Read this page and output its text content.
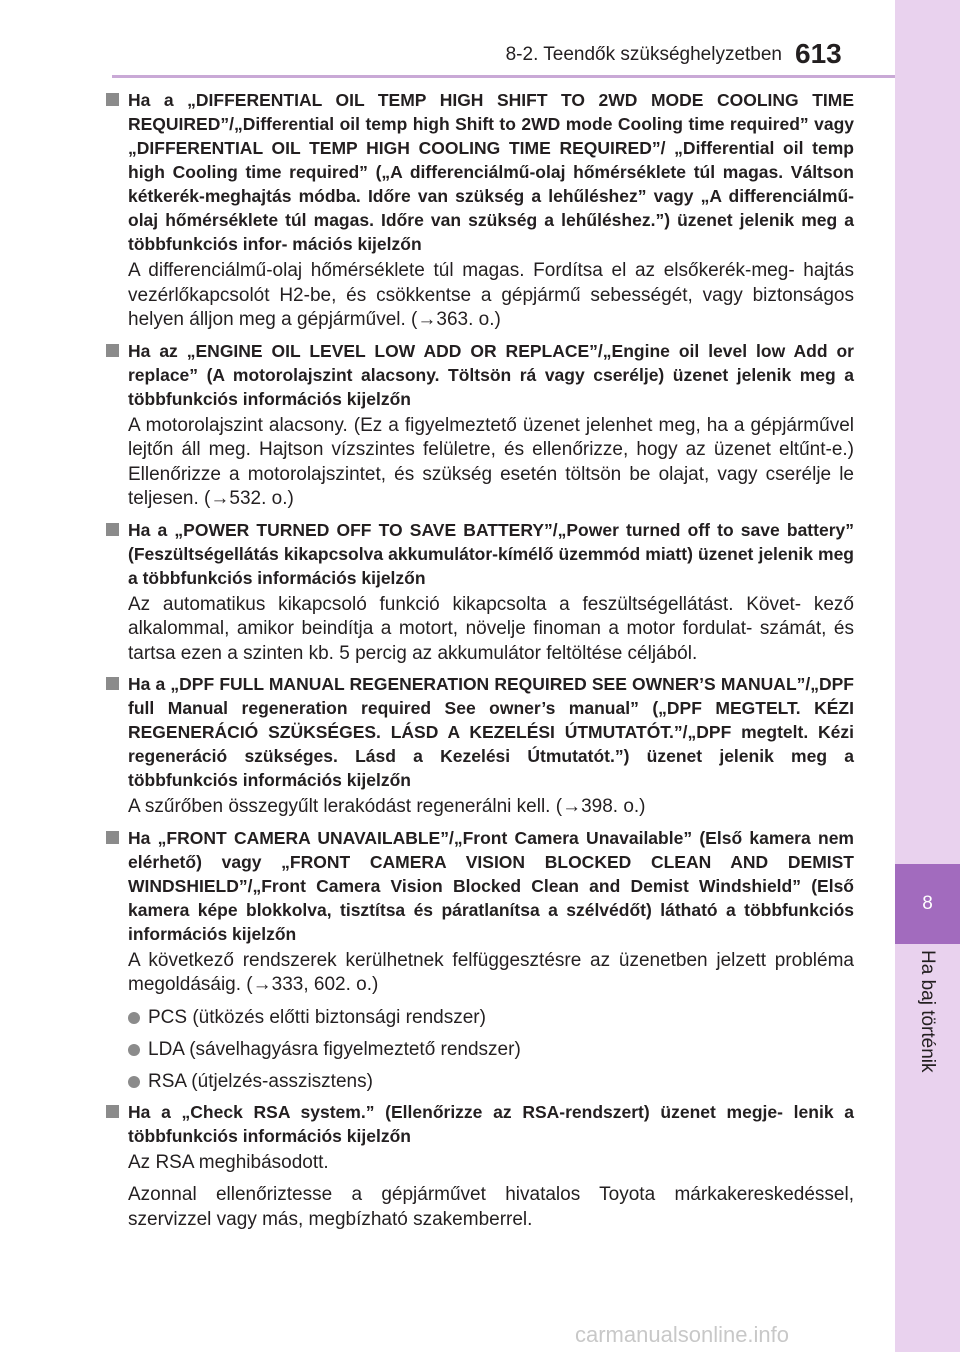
8-2. Teendők szükséghelyzetben 613
8
Ha baj történik
Ha a „DIFFERENTIAL OIL TEMP HIGH SHIFT TO 2WD MODE COOLING TIME REQUIRED”/„Differential oil temp high Shift to 2WD mode Cooling time required” vagy „DIFFERENTIAL OIL TEMP HIGH COOLING TIME REQUIRED”/ „Differential oil temp high Cooling time required” („A differenciálmű-olaj hőmérséklete túl magas. Váltson kétkerék-meghajtás módba. Időre van szükség a lehűléshez” vagy „A differenciálmű-olaj hőmérséklete túl magas. Időre van szükség a lehűléshez.”) üzenet jelenik meg a többfunkciós infor- mációs kijelzőn
A differenciálmű-olaj hőmérséklete túl magas. Fordítsa el az elsőkerék-meg- hajtás vezérlőkapcsolót H2-be, és csökkentse a gépjármű sebességét, vagy biztonságos helyen álljon meg a gépjárművel. (→363. o.)
Ha az „ENGINE OIL LEVEL LOW ADD OR REPLACE”/„Engine oil level low Add or replace” (A motorolajszint alacsony. Töltsön rá vagy cserélje) üzenet jelenik meg a többfunkciós információs kijelzőn
A motorolajszint alacsony. (Ez a figyelmeztető üzenet jelenhet meg, ha a gépjárművel lejtőn áll meg. Hajtson vízszintes felületre, és ellenőrizze, hogy az üzenet eltűnt-e.) Ellenőrizze a motorolajszintet, és szükség esetén töltsön be olajat, vagy cserélje le teljesen. (→532. o.)
Ha a „POWER TURNED OFF TO SAVE BATTERY”/„Power turned off to save battery” (Feszültségellátás kikapcsolva akkumulátor-kímélő üzemmód miatt) üzenet jelenik meg a többfunkciós információs kijelzőn
Az automatikus kikapcsoló funkció kikapcsolta a feszültségellátást. Követ- kező alkalommal, amikor beindítja a motort, növelje finoman a motor fordulat- számát, és tartsa ezen a szinten kb. 5 percig az akkumulátor feltöltése céljából.
Ha a „DPF FULL MANUAL REGENERATION REQUIRED SEE OWNER’S MANUAL”/„DPF full Manual regeneration required See owner’s manual” („DPF MEGTELT. KÉZI REGENERÁCIÓ SZÜKSÉGES. LÁSD A KEZELÉSI ÚTMUTATÓT.”/„DPF megtelt. Kézi regeneráció szükséges. Lásd a Kezelési Útmutatót.”) üzenet jelenik meg a többfunkciós információs kijelzőn
A szűrőben összegyűlt lerakódást regenerálni kell. (→398. o.)
Ha „FRONT CAMERA UNAVAILABLE”/„Front Camera Unavailable” (Első kamera nem elérhető) vagy „FRONT CAMERA VISION BLOCKED CLEAN AND DEMIST WINDSHIELD”/„Front Camera Vision Blocked Clean and Demist Windshield” (Első kamera képe blokkolva, tisztítsa és páratlanítsa a szélvédőt) látható a többfunkciós információs kijelzőn
A következő rendszerek kerülhetnek felfüggesztésre az üzenetben jelzett probléma megoldásáig. (→333, 602. o.)
PCS (ütközés előtti biztonsági rendszer)
LDA (sávelhagyásra figyelmeztető rendszer)
RSA (útjelzés-asszisztens)
Ha a „Check RSA system.” (Ellenőrizze az RSA-rendszert) üzenet megje- lenik a többfunkciós információs kijelzőn
Az RSA meghibásodott.
Azonnal ellenőriztesse a gépjárművet hivatalos Toyota márkakereskedéssel, szervizzel vagy más, megbízható szakemberrel.
carmanualsonline.info
